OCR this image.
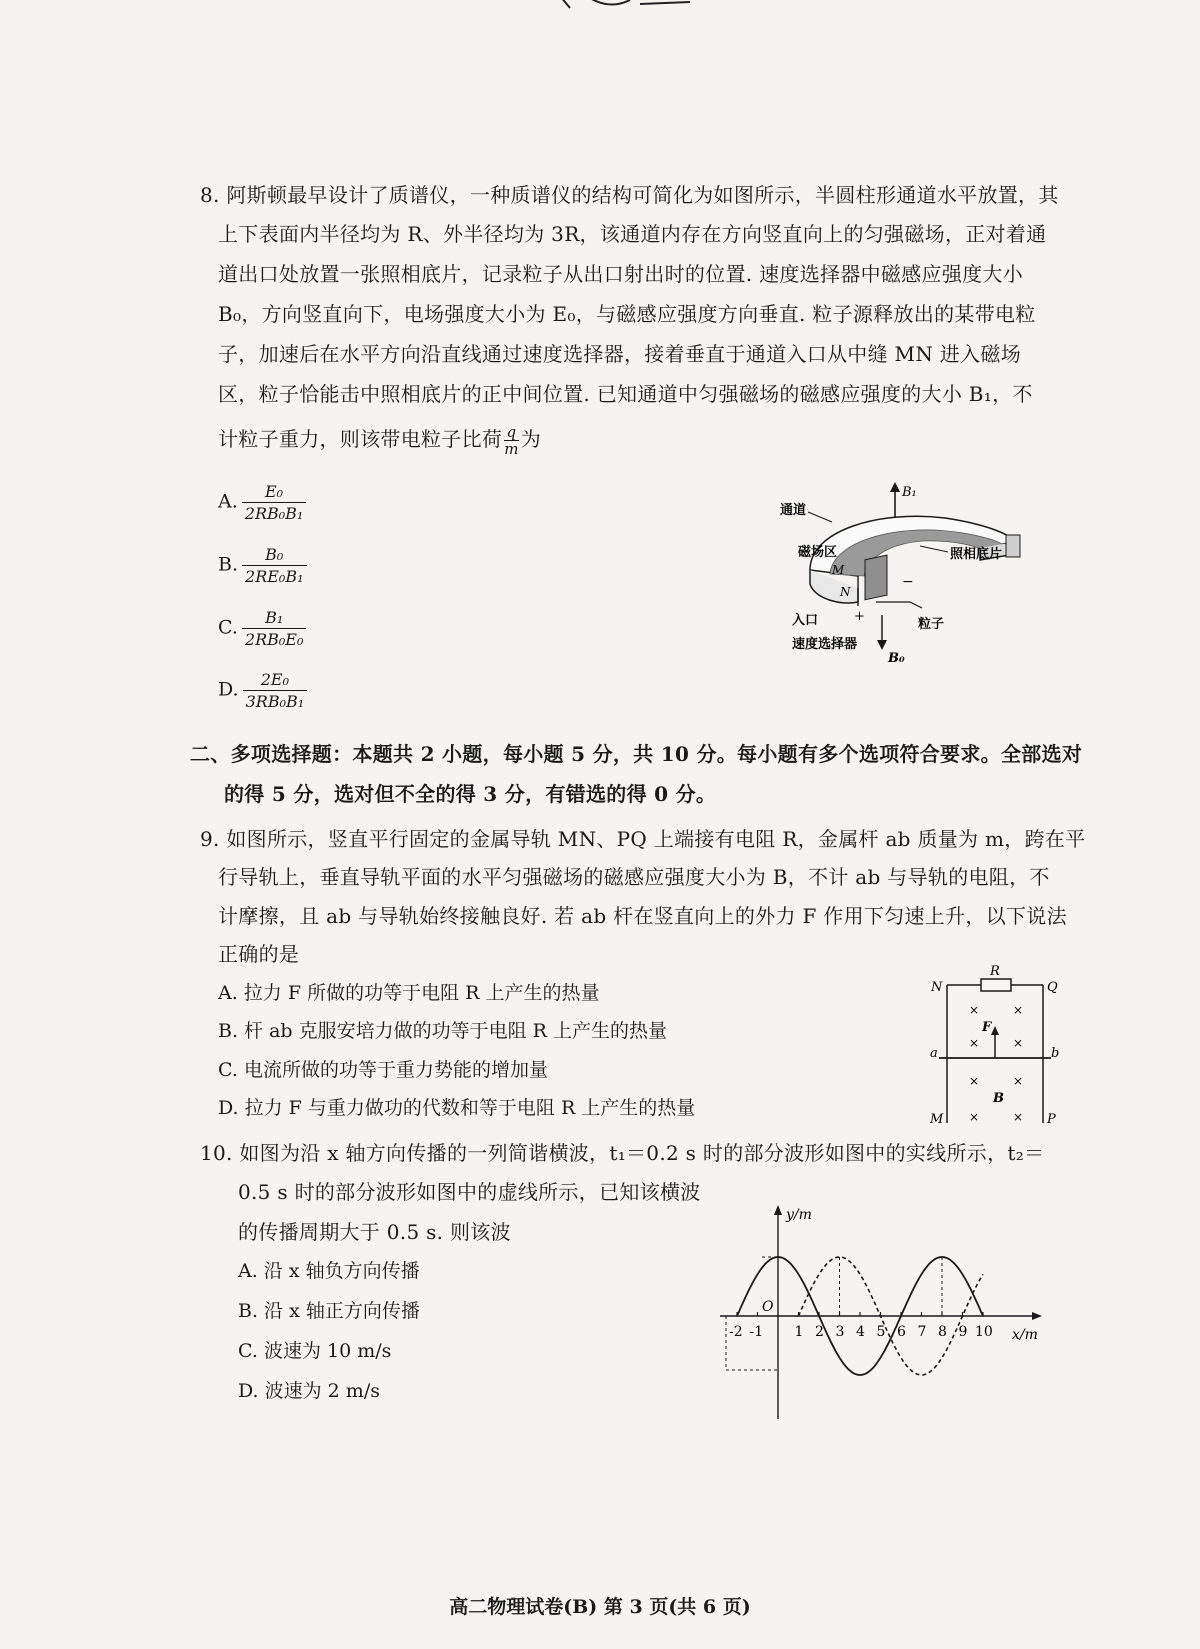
8. 阿斯顿最早设计了质谱仪，一种质谱仪的结构可简化为如图所示，半圆柱形通道水平放置，其
上下表面内半径均为 R、外半径均为 3R，该通道内存在方向竖直向上的匀强磁场，正对着通
道出口处放置一张照相底片，记录粒子从出口射出时的位置. 速度选择器中磁感应强度大小
B₀，方向竖直向下，电场强度大小为 E₀，与磁感应强度方向垂直. 粒子源释放出的某带电粒
子，加速后在水平方向沿直线通过速度选择器，接着垂直于通道入口从中缝 MN 进入磁场
区，粒子恰能击中照相底片的正中间位置. 已知通道中匀强磁场的磁感应强度的大小 B₁，不
计粒子重力，则该带电粒子比荷 $\frac{q}{m}$ 为
A. $\frac{\text{E₀}}{\text{2RB₀B₁}}$
B. $\frac{\text{B₀}}{\text{2RE₀B₁}}$
C. $\frac{\text{B₁}}{\text{2RB₀E₀}}$
D. $\frac{\text{2E₀}}{\text{3RB₀B₁}}$
B₁
B₀
+
−
粒子
通道
磁场区
M
N
照相底片
入口
速度选择器
二、多项选择题：本题共 2 小题，每小题 5 分，共 10 分。每小题有多个选项符合要求。全部选对
的得 5 分，选对但不全的得 3 分，有错选的得 0 分。
9. 如图所示，竖直平行固定的金属导轨 MN、PQ 上端接有电阻 R，金属杆 ab 质量为 m，跨在平
行导轨上，垂直导轨平面的水平匀强磁场的磁感应强度大小为 B，不计 ab 与导轨的电阻，不
计摩擦，且 ab 与导轨始终接触良好. 若 ab 杆在竖直向上的外力 F 作用下匀速上升，以下说法
正确的是
A. 拉力 F 所做的功等于电阻 R 上产生的热量
B. 杆 ab 克服安培力做的功等于电阻 R 上产生的热量
C. 电流所做的功等于重力势能的增加量
D. 拉力 F 与重力做功的代数和等于电阻 R 上产生的热量
R
N	Q
a	b
F
×	×
×	×
×	×
B
×	×
M	P
10. 如图为沿 x 轴方向传播的一列简谐横波，t₁＝0.2 s 时的部分波形如图中的实线所示，t₂＝
0.5 s 时的部分波形如图中的虚线所示，已知该横波
的传播周期大于 0.5 s. 则该波
A. 沿 x 轴负方向传播
B. 沿 x 轴正方向传播
C. 波速为 10 m/s
D. 波速为 2 m/s
y/m
x/m
O
-2 -1 1 2 3 4 5 6 7 8 9 10
高二物理试卷(B) 第 3 页(共 6 页)
